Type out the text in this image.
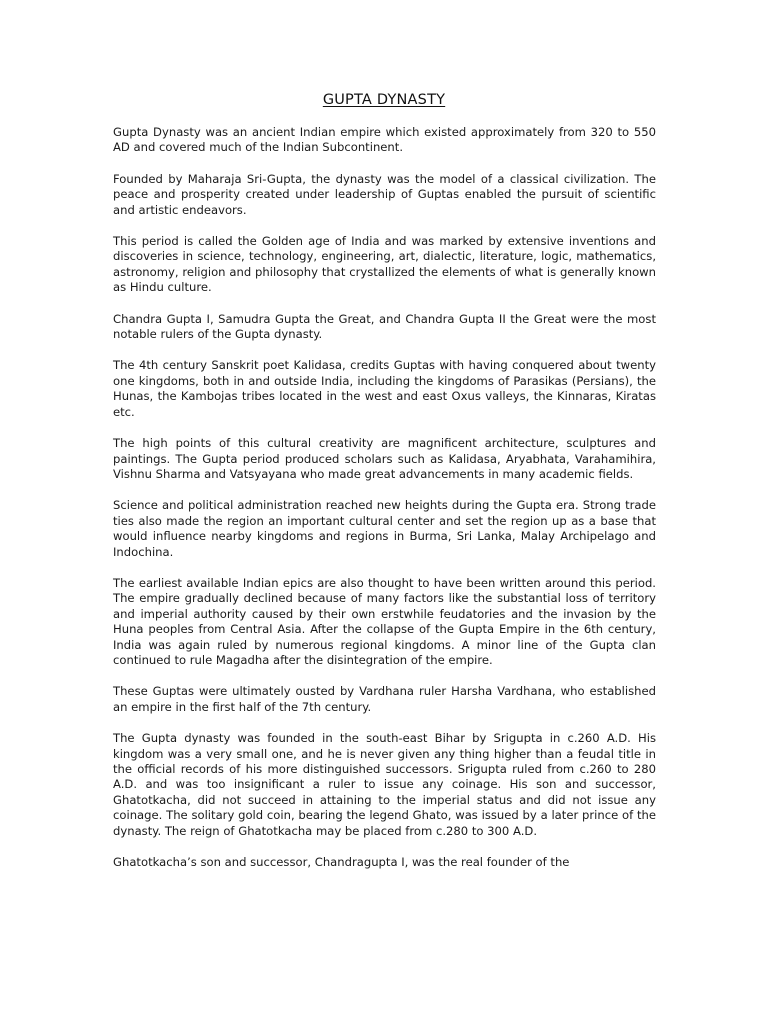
GUPTA DYNASTY

Gupta Dynasty was an ancient Indian empire which existed approximately from 320 to 550 AD and covered much of the Indian Subcontinent.

Founded by Maharaja Sri-Gupta, the dynasty was the model of a classical civilization. The peace and prosperity created under leadership of Guptas enabled the pursuit of scientific and artistic endeavors.

This period is called the Golden age of India and was marked by extensive inventions and discoveries in science, technology, engineering, art, dialectic, literature, logic, mathematics, astronomy, religion and philosophy that crystallized the elements of what is generally known as Hindu culture.

Chandra Gupta I, Samudra Gupta the Great, and Chandra Gupta II the Great were the most notable rulers of the Gupta dynasty.

The 4th century Sanskrit poet Kalidasa, credits Guptas with having conquered about twenty one kingdoms, both in and outside India, including the kingdoms of Parasikas (Persians), the Hunas, the Kambojas tribes located in the west and east Oxus valleys, the Kinnaras, Kiratas etc.

The high points of this cultural creativity are magnificent architecture, sculptures and paintings. The Gupta period produced scholars such as Kalidasa, Aryabhata, Varahamihira, Vishnu Sharma and Vatsyayana who made great advancements in many academic fields.

Science and political administration reached new heights during the Gupta era. Strong trade ties also made the region an important cultural center and set the region up as a base that would influence nearby kingdoms and regions in Burma, Sri Lanka, Malay Archipelago and Indochina.

The earliest available Indian epics are also thought to have been written around this period. The empire gradually declined because of many factors like the substantial loss of territory and imperial authority caused by their own erstwhile feudatories and the invasion by the Huna peoples from Central Asia. After the collapse of the Gupta Empire in the 6th century, India was again ruled by numerous regional kingdoms. A minor line of the Gupta clan continued to rule Magadha after the disintegration of the empire.

These Guptas were ultimately ousted by Vardhana ruler Harsha Vardhana, who established an empire in the first half of the 7th century.

The Gupta dynasty was founded in the south-east Bihar by Srigupta in c.260 A.D. His kingdom was a very small one, and he is never given any thing higher than a feudal title in the official records of his more distinguished successors. Srigupta ruled from c.260 to 280 A.D. and was too insignificant a ruler to issue any coinage. His son and successor, Ghatotkacha, did not succeed in attaining to the imperial status and did not issue any coinage. The solitary gold coin, bearing the legend Ghato, was issued by a later prince of the dynasty. The reign of Ghatotkacha may be placed from c.280 to 300 A.D.

Ghatotkacha’s son and successor, Chandragupta I, was the real founder of the
